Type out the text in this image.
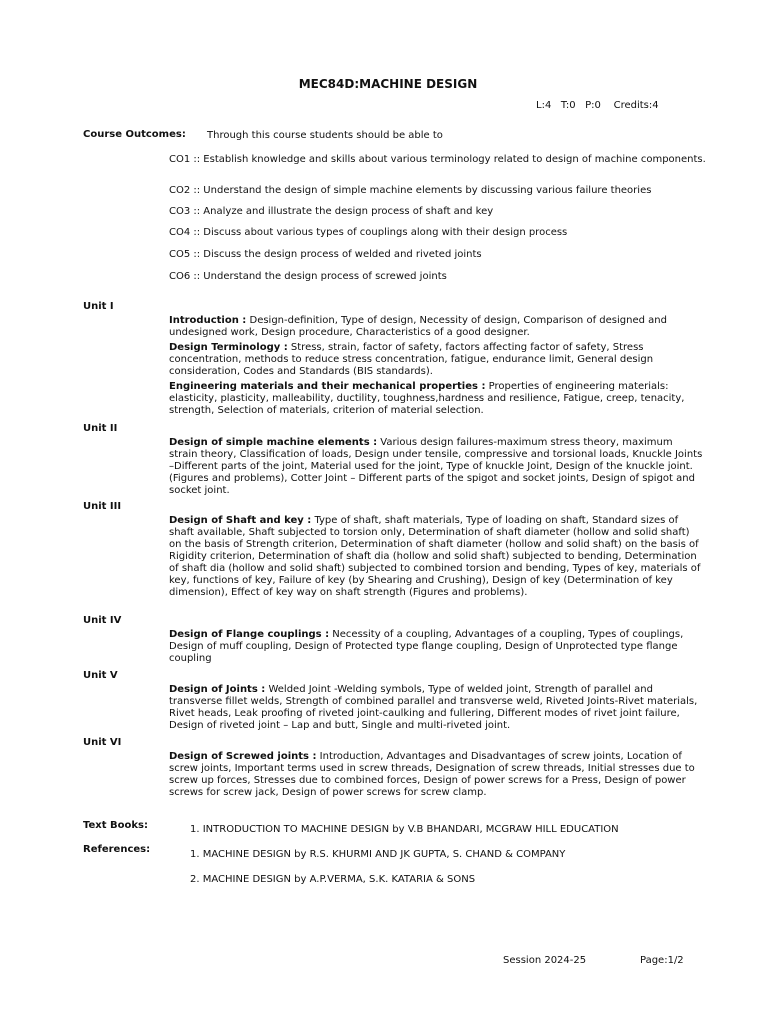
MEC84D:MACHINE DESIGN
L:4   T:0   P:0    Credits:4
Course Outcomes: Through this course students should be able to
CO1 :: Establish knowledge and skills about various terminology related to design of machine components.
CO2 :: Understand the design of simple machine elements by discussing various failure theories
CO3 :: Analyze and illustrate the design process of shaft and key
CO4 :: Discuss about various types of couplings along with their design process
CO5 :: Discuss the design process of welded and riveted joints
CO6 :: Understand the design process of screwed joints
Unit I
Introduction : Design-definition, Type of design, Necessity of design, Comparison of designed and undesigned work, Design procedure, Characteristics of a good designer.
Design Terminology : Stress, strain, factor of safety, factors affecting factor of safety, Stress concentration, methods to reduce stress concentration, fatigue, endurance limit, General design consideration, Codes and Standards (BIS standards).
Engineering materials and their mechanical properties : Properties of engineering materials: elasticity, plasticity, malleability, ductility, toughness,hardness and resilience, Fatigue, creep, tenacity, strength, Selection of materials, criterion of material selection.
Unit II
Design of simple machine elements : Various design failures-maximum stress theory, maximum strain theory, Classification of loads, Design under tensile, compressive and torsional loads, Knuckle Joints –Different parts of the joint, Material used for the joint, Type of knuckle Joint, Design of the knuckle joint. (Figures and problems), Cotter Joint – Different parts of the spigot and socket joints, Design of spigot and socket joint.
Unit III
Design of Shaft and key : Type of shaft, shaft materials, Type of loading on shaft, Standard sizes of shaft available, Shaft subjected to torsion only, Determination of shaft diameter (hollow and solid shaft) on the basis of Strength criterion, Determination of shaft diameter (hollow and solid shaft) on the basis of Rigidity criterion, Determination of shaft dia (hollow and solid shaft) subjected to bending, Determination of shaft dia (hollow and solid shaft) subjected to combined torsion and bending, Types of key, materials of key, functions of key, Failure of key (by Shearing and Crushing), Design of key (Determination of key dimension), Effect of key way on shaft strength (Figures and problems).
Unit IV
Design of Flange couplings : Necessity of a coupling, Advantages of a coupling, Types of couplings, Design of muff coupling, Design of Protected type flange coupling, Design of Unprotected type flange coupling
Unit V
Design of Joints : Welded Joint -Welding symbols, Type of welded joint, Strength of parallel and transverse fillet welds, Strength of combined parallel and transverse weld, Riveted Joints-Rivet materials, Rivet heads, Leak proofing of riveted joint-caulking and fullering, Different modes of rivet joint failure, Design of riveted joint – Lap and butt, Single and multi-riveted joint.
Unit VI
Design of Screwed joints : Introduction, Advantages and Disadvantages of screw joints, Location of screw joints, Important terms used in screw threads, Designation of screw threads, Initial stresses due to screw up forces, Stresses due to combined forces, Design of power screws for a Press, Design of power screws for screw jack, Design of power screws for screw clamp.
Text Books:	1. INTRODUCTION TO MACHINE DESIGN by V.B BHANDARI, MCGRAW HILL EDUCATION
References:	1. MACHINE DESIGN by R.S. KHURMI AND JK GUPTA, S. CHAND & COMPANY
2. MACHINE DESIGN by A.P.VERMA, S.K. KATARIA & SONS
Session 2024-25	Page:1/2
